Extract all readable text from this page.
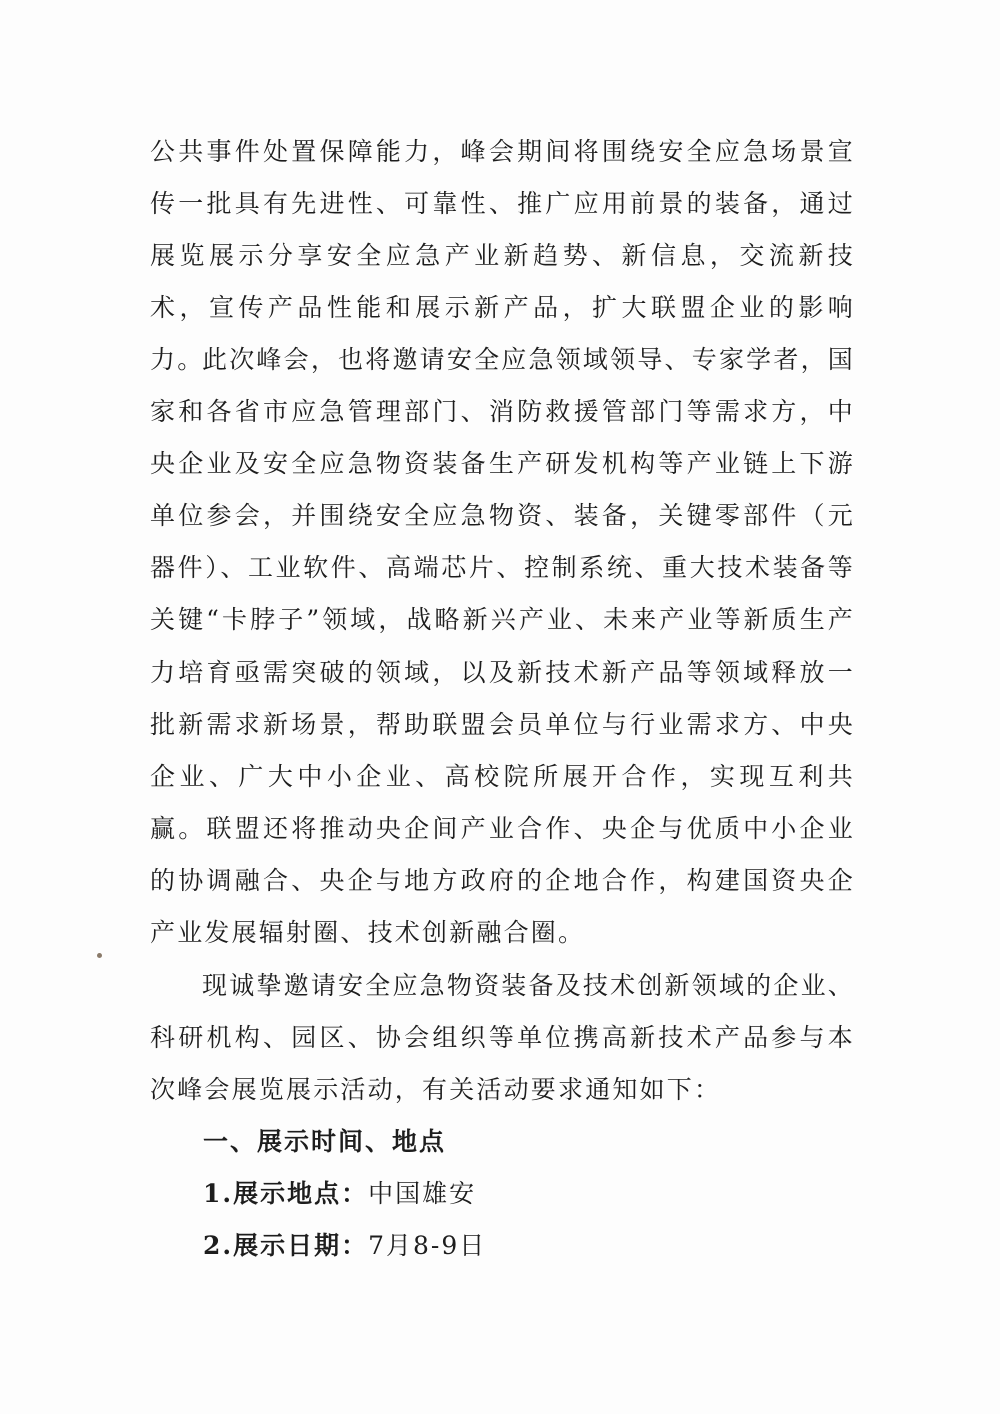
公共事件处置保障能力，峰会期间将围绕安全应急场景宣传一批具有先进性、可靠性、推广应用前景的装备，通过展览展示分享安全应急产业新趋势、新信息，交流新技术，宣传产品性能和展示新产品，扩大联盟企业的影响力。

此次峰会，也将邀请安全应急领域领导、专家学者，国家和各省市应急管理部门、消防救援管部门等需求方，中央企业及安全应急物资装备生产研发机构等产业链上下游单位参会，并围绕安全应急物资、装备，关键零部件（元器件）、工业软件、高端芯片、控制系统、重大技术装备等关键“卡脖子”领域，战略新兴产业、未来产业等新质生产力培育亟需突破的领域，以及新技术新产品等领域释放一批新需求新场景，帮助联盟会员单位与行业需求方、中央企业、广大中小企业、高校院所展开合作，实现互利共赢。联盟还将推动央企间产业合作、央企与优质中小企业的协调融合、央企与地方政府的企地合作，构建国资央企产业发展辐射圈、技术创新融合圈。

现诚挚邀请安全应急物资装备及技术创新领域的企业、科研机构、园区、协会组织等单位携高新技术产品参与本次峰会展览展示活动，有关活动要求通知如下：

一、展示时间、地点

1.展示地点：中国雄安

2.展示日期：7月8-9日
